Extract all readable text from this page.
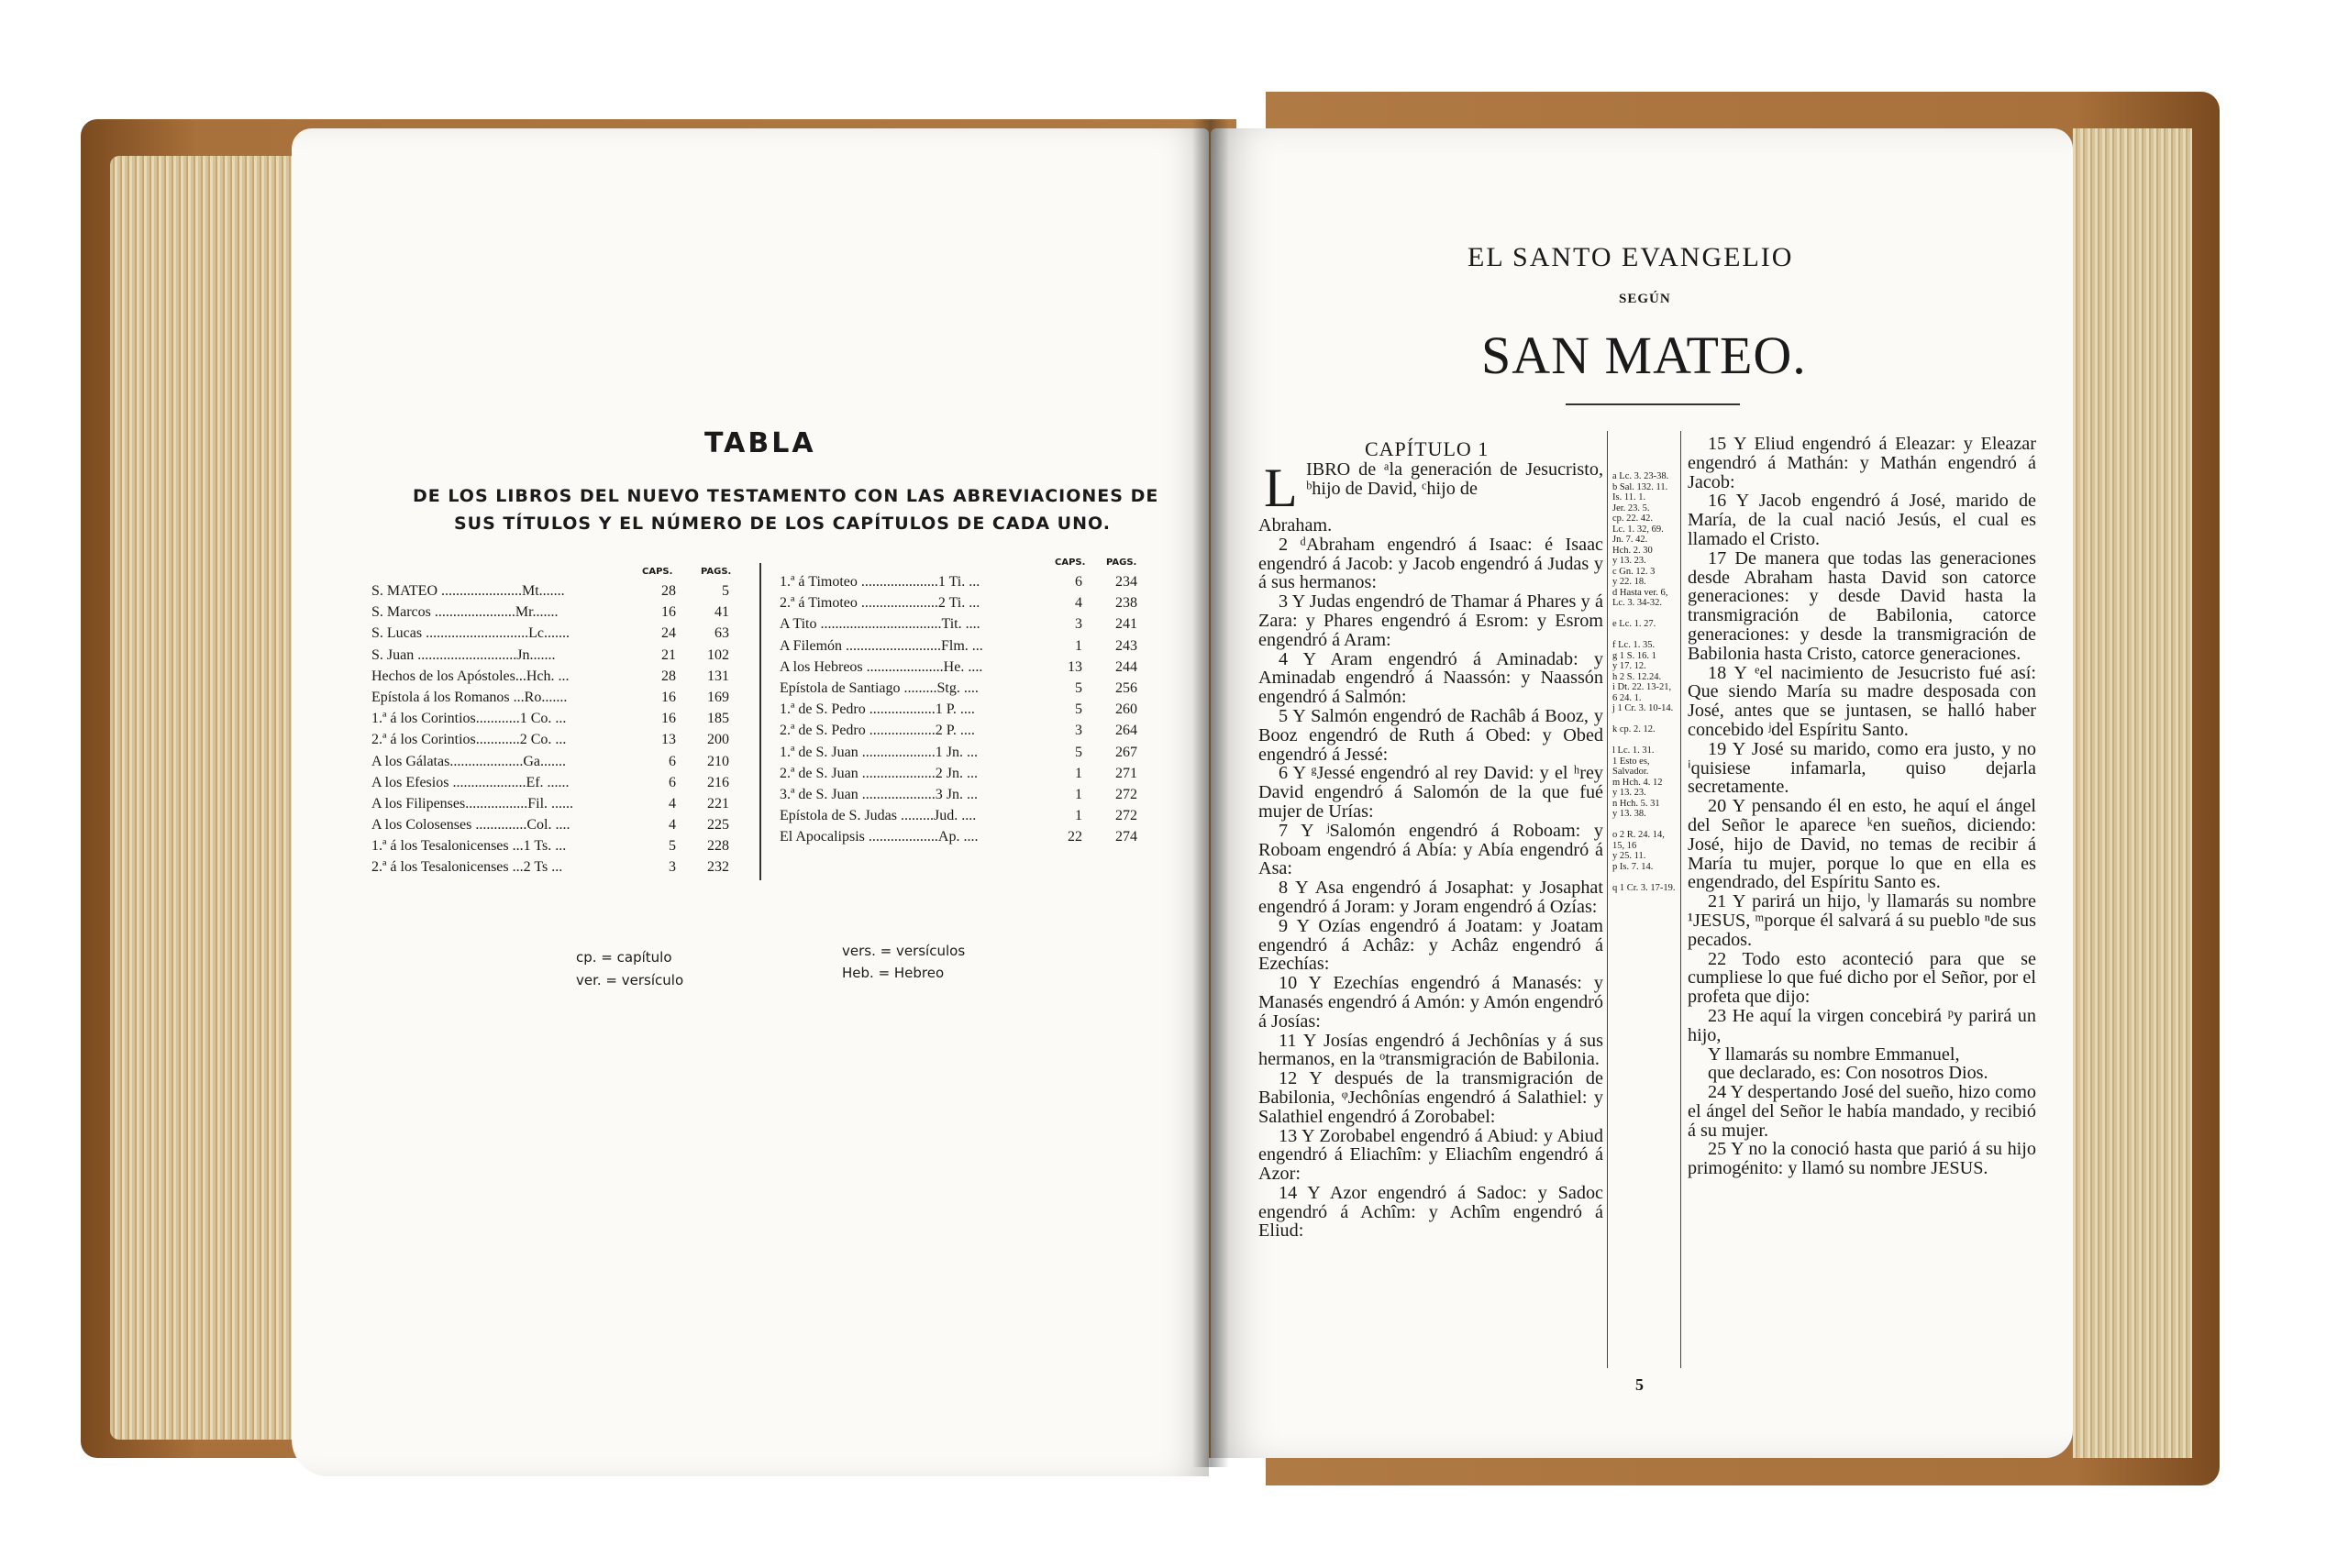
TABLA
DE LOS LIBROS DEL NUEVO TESTAMENTO CON LAS ABREVIACIONES DE
SUS TÍTULOS Y EL NÚMERO DE LOS CAPÍTULOS DE CADA UNO.
CAPS.	PAGS.
CAPS. PAGS.
S. MATEO ......................Mt.......	28	5
S. Marcos ......................Mr.......	16	41
S. Lucas ............................Lc.......	24	63
S. Juan ...........................Jn.......	21	102
Hechos de los Apóstoles...Hch. ...	28	131
Epístola á los Romanos ...Ro.......	16	169
1.ª á los Corintios............1 Co. ...	16	185
2.ª á los Corintios............2 Co. ...	13	200
A los Gálatas....................Ga.......	6	210
A los Efesios ....................Ef. ......	6	216
A los Filipenses.................Fil. ......	4	221
A los Colosenses ..............Col. ....	4	225
1.ª á los Tesalonicenses ...1 Ts. ...	5	228
2.ª á los Tesalonicenses ...2 Ts ...	3	232
1.ª á Timoteo .....................1 Ti. ...	6	234
2.ª á Timoteo .....................2 Ti. ...	4	238
A Tito .................................Tit. ....	3	241
A Filemón ..........................Flm. ...	1	243
A los Hebreos .....................He. ....	13	244
Epístola de Santiago .........Stg. ....	5	256
1.ª de S. Pedro ..................1 P. ....	5	260
2.ª de S. Pedro ..................2 P. ....	3	264
1.ª de S. Juan ....................1 Jn. ...	5	267
2.ª de S. Juan ....................2 Jn. ...	1	271
3.ª de S. Juan ....................3 Jn. ...	1	272
Epístola de S. Judas .........Jud. ....	1	272
El Apocalipsis ...................Ap. ....	22	274
cp. = capítulo
ver. = versículo
vers. = versículos
Heb. = Hebreo
EL SANTO EVANGELIO
SEGÚN
SAN MATEO.
CAPÍTULO 1
L IBRO de ᵃla generación de Jesucristo, ᵇhijo de David, ᶜhijo de

Abraham.

2 ᵈAbraham engendró á Isaac: é Isaac engendró á Jacob: y Jacob engendró á Judas y á sus hermanos:

3 Y Judas engendró de Thamar á Phares y á Zara: y Phares engendró á Esrom: y Esrom engendró á Aram:

4 Y Aram engendró á Aminadab: y Aminadab engendró á Naassón: y Naassón engendró á Salmón:

5 Y Salmón engendró de Rachâb á Booz, y Booz engendró de Ruth á Obed: y Obed engendró á Jessé:

6 Y ᵍJessé engendró al rey David: y el ʰrey David engendró á Salomón de la que fué mujer de Urías:

7 Y ʲSalomón engendró á Roboam: y Roboam engendró á Abía: y Abía engendró á Asa:

8 Y Asa engendró á Josaphat: y Josaphat engendró á Joram: y Joram engendró á Ozías:

9 Y Ozías engendró á Joatam: y Joatam engendró á Achâz: y Achâz engendró á Ezechías:

10 Y Ezechías engendró á Manasés: y Manasés engendró á Amón: y Amón engendró á Josías:

11 Y Josías engendró á Jechônías y á sus hermanos, en la ᵒtransmigración de Babilonia.

12 Y después de la transmigración de Babilonia, ᵠJechônías engendró á Salathiel: y Salathiel engendró á Zorobabel:

13 Y Zorobabel engendró á Abiud: y Abiud engendró á Eliachîm: y Eliachîm engendró á Azor:

14 Y Azor engendró á Sadoc: y Sadoc engendró á Achîm: y Achîm engendró á Eliud:

a Lc. 3. 23-38.

b Sal. 132. 11.

Is. 11. 1.

Jer. 23. 5.

cp. 22. 42.

Lc. 1. 32, 69.

Jn. 7. 42.

Hch. 2. 30

y 13. 23.

c Gn. 12. 3

y 22. 18.

d Hasta ver. 6,

Lc. 3. 34-32.

e Lc. 1. 27.

f Lc. 1. 35.

g 1 S. 16. 1

y 17. 12.

h 2 S. 12.24.

i Dt. 22. 13-21,

6 24. 1.

j 1 Cr. 3. 10-14.

k cp. 2. 12.

l Lc. 1. 31.

1 Esto es, Salvador.

m Hch. 4. 12

y 13. 23.

n Hch. 5. 31

y 13. 38.

o 2 R. 24. 14, 15, 16

y 25. 11.

p Is. 7. 14.

q 1 Cr. 3. 17-19.

15 Y Eliud engendró á Eleazar: y Eleazar engendró á Mathán: y Mathán engendró á Jacob:

16 Y Jacob engendró á José, marido de María, de la cual nació Jesús, el cual es llamado el Cristo.

17 De manera que todas las generaciones desde Abraham hasta David son catorce generaciones: y desde David hasta la transmigración de Babilonia, catorce generaciones: y desde la transmigración de Babilonia hasta Cristo, catorce generaciones.

18 Y ᵉel nacimiento de Jesucristo fué así: Que siendo María su madre desposada con José, antes que se juntasen, se halló haber concebido ʲdel Espíritu Santo.

19 Y José su marido, como era justo, y no ⁱquisiese infamarla, quiso dejarla secretamente.

20 Y pensando él en esto, he aquí el ángel del Señor le aparece ᵏen sueños, diciendo: José, hijo de David, no temas de recibir á María tu mujer, porque lo que en ella es engendrado, del Espíritu Santo es.

21 Y parirá un hijo, ˡy llamarás su nombre ¹JESUS, ᵐporque él salvará á su pueblo ⁿde sus pecados.

22 Todo esto aconteció para que se cumpliese lo que fué dicho por el Señor, por el profeta que dijo:

23 He aquí la virgen concebirá ᵖy parirá un hijo,

Y llamarás su nombre Emmanuel,

que declarado, es: Con nosotros Dios.

24 Y despertando José del sueño, hizo como el ángel del Señor le había mandado, y recibió á su mujer.

25 Y no la conoció hasta que parió á su hijo primogénito: y llamó su nombre JESUS.

5
